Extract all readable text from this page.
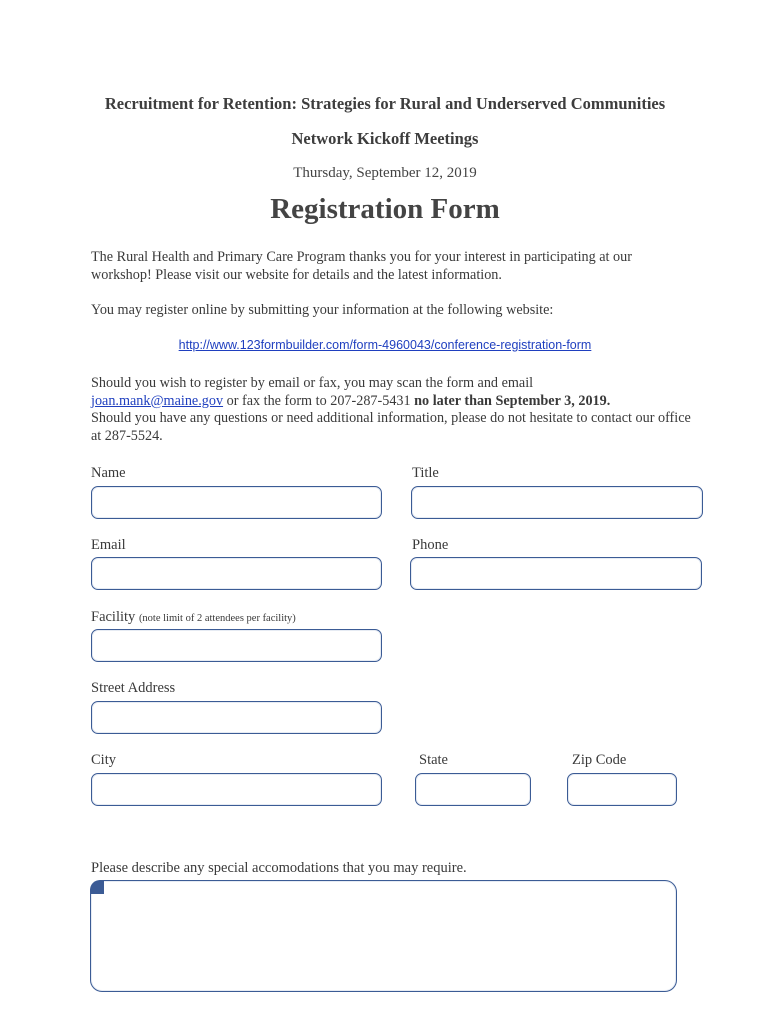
Recruitment for Retention: Strategies for Rural and Underserved Communities
Network Kickoff Meetings
Thursday, September 12, 2019
Registration Form
The Rural Health and Primary Care Program thanks you for your interest in participating at our workshop! Please visit our website for details and the latest information.
You may register online by submitting your information at the following website:
http://www.123formbuilder.com/form-4960043/conference-registration-form
Should you wish to register by email or fax, you may scan the form and email
joan.mank@maine.gov or fax the form to 207-287-5431 no later than September 3, 2019.
Should you have any questions or need additional information, please do not hesitate to contact our office at 287-5524.
Name	Title
Email	Phone
Facility (note limit of 2 attendees per facility)
Street Address
City	State	Zip Code
Please describe any special accomodations that you may require.
